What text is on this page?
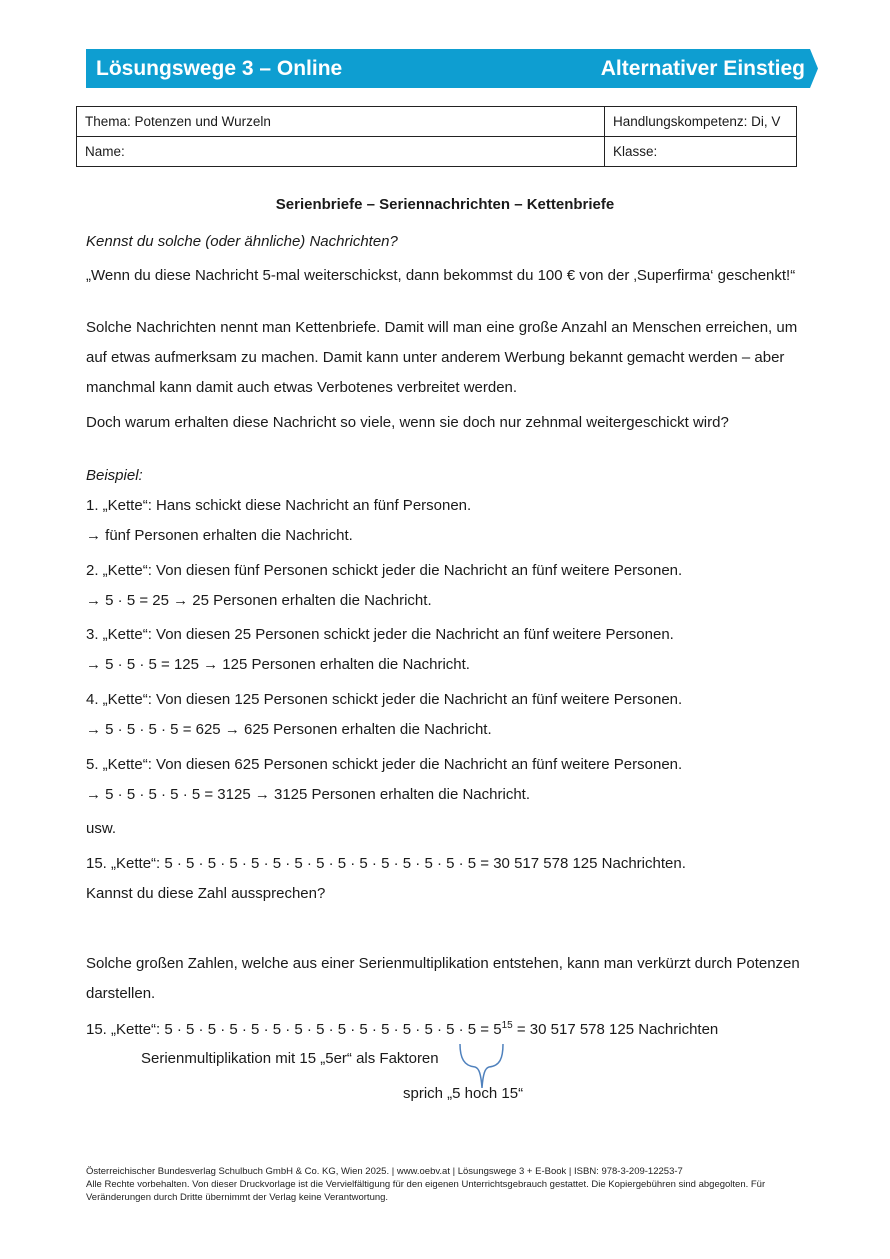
Lösungswege 3 – Online	Alternativer Einstieg
Thema: Potenzen und Wurzeln	Handlungskompetenz: Di, V
Name:	Klasse:
Serienbriefe – Seriennachrichten – Kettenbriefe
Kennst du solche (oder ähnliche) Nachrichten?
„Wenn du diese Nachricht 5-mal weiterschickst, dann bekommst du 100 € von der ‚Superfirma‘ geschenkt!“
Solche Nachrichten nennt man Kettenbriefe. Damit will man eine große Anzahl an Menschen erreichen, um
auf etwas aufmerksam zu machen. Damit kann unter anderem Werbung bekannt gemacht werden – aber
manchmal kann damit auch etwas Verbotenes verbreitet werden.
Doch warum erhalten diese Nachricht so viele, wenn sie doch nur zehnmal weitergeschickt wird?
Beispiel:
1. „Kette“: Hans schickt diese Nachricht an fünf Personen.
→ fünf Personen erhalten die Nachricht.
2. „Kette“: Von diesen fünf Personen schickt jeder die Nachricht an fünf weitere Personen.
→ 5 · 5 = 25 → 25 Personen erhalten die Nachricht.
3. „Kette“: Von diesen 25 Personen schickt jeder die Nachricht an fünf weitere Personen.
→ 5 · 5 · 5 = 125 → 125 Personen erhalten die Nachricht.
4. „Kette“: Von diesen 125 Personen schickt jeder die Nachricht an fünf weitere Personen.
→ 5 · 5 · 5 · 5 = 625 → 625 Personen erhalten die Nachricht.
5. „Kette“: Von diesen 625 Personen schickt jeder die Nachricht an fünf weitere Personen.
→ 5 · 5 · 5 · 5 · 5 = 3125 → 3125 Personen erhalten die Nachricht.
usw.
15. „Kette“: 5 · 5 · 5 · 5 · 5 · 5 · 5 · 5 · 5 · 5 · 5 · 5 · 5 · 5 · 5 = 30 517 578 125 Nachrichten.
Kannst du diese Zahl aussprechen?
Solche großen Zahlen, welche aus einer Serienmultiplikation entstehen, kann man verkürzt durch Potenzen
darstellen.
15. „Kette“: $5 \cdot 5 \cdot 5 \cdot 5 \cdot 5 \cdot 5 \cdot 5 \cdot 5 \cdot 5 \cdot 5 \cdot 5 \cdot 5 \cdot 5 \cdot 5 \cdot 5 = 5^{15} = 30$ 517 578 125 Nachrichten
Serienmultiplikation mit 15 „5er“ als Faktoren
sprich „5 hoch 15“
Österreichischer Bundesverlag Schulbuch GmbH & Co. KG, Wien 2025. | www.oebv.at | Lösungswege 3 + E-Book | ISBN: 978-3-209-12253-7
Alle Rechte vorbehalten. Von dieser Druckvorlage ist die Vervielfältigung für den eigenen Unterrichtsgebrauch gestattet. Die Kopiergebühren sind abgegolten. Für
Veränderungen durch Dritte übernimmt der Verlag keine Verantwortung.
